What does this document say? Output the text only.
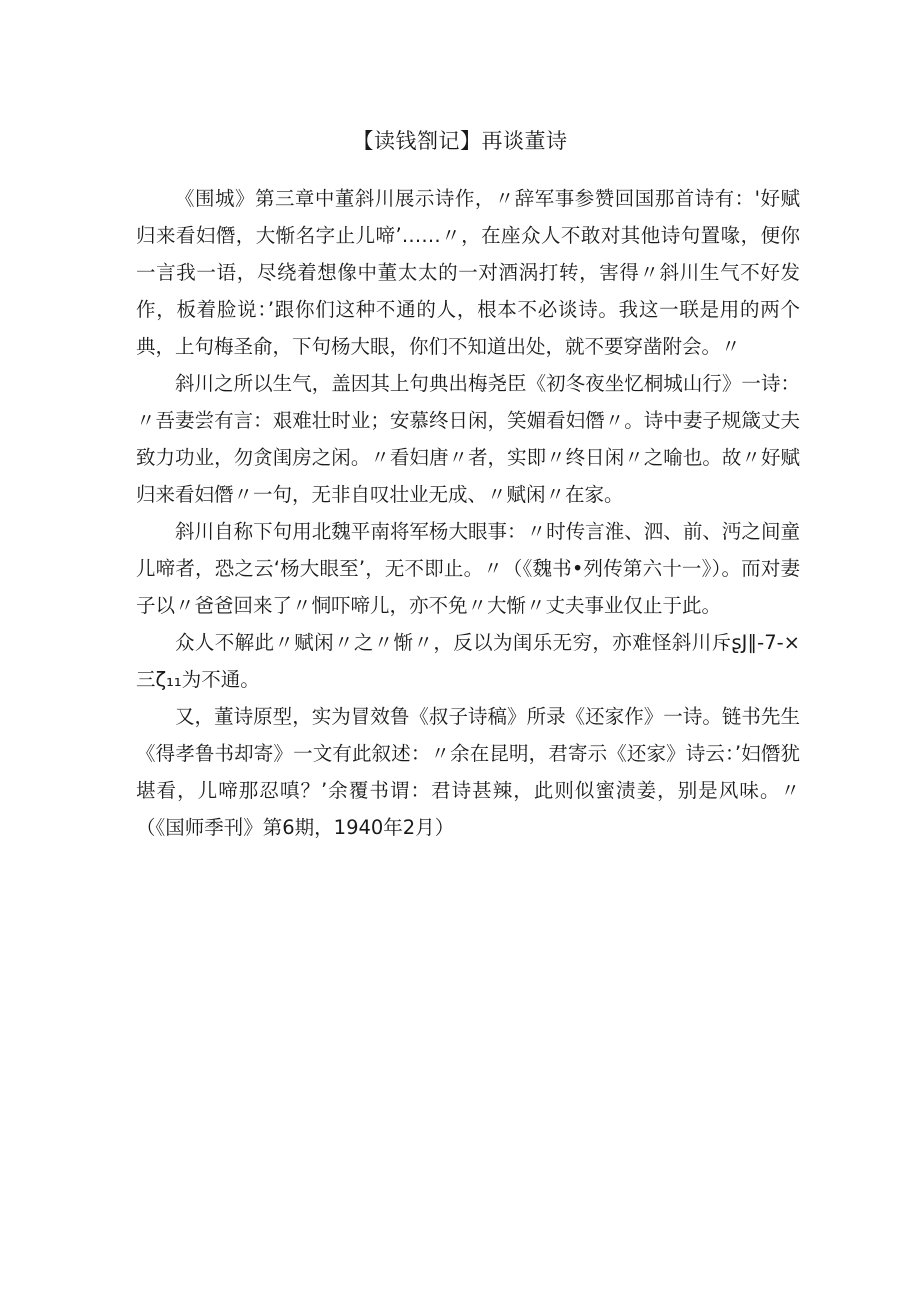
【读钱劄记】再谈董诗

《围城》第三章中董斜川展示诗作，〃辞军事参赞回国那首诗有：'好赋归来看妇僭，大惭名字止儿啼’……〃，在座众人不敢对其他诗句置喙，便你一言我一语，尽绕着想像中董太太的一对酒涡打转，害得〃斜川生气不好发作，板着脸说：’跟你们这种不通的人，根本不必谈诗。我这一联是用的两个典，上句梅圣俞，下句杨大眼，你们不知道出处，就不要穿凿附会。〃

斜川之所以生气，盖因其上句典出梅尧臣《初冬夜坐忆桐城山行》一诗：〃吾妻尝有言：艰难壮时业；安慕终日闲，笑媚看妇僭〃。诗中妻子规箴丈夫致力功业，勿贪闺房之闲。〃看妇唐〃者，实即〃终日闲〃之喻也。故〃好赋归来看妇僭〃一句，无非自叹壮业无成、〃赋闲〃在家。

斜川自称下句用北魏平南将军杨大眼事：〃时传言淮、泗、前、沔之间童儿啼者，恐之云‘杨大眼至’，无不即止。〃（《魏书•列传第六十一》）。而对妻子以〃爸爸回来了〃恫吓啼儿，亦不免〃大惭〃丈夫事业仅止于此。

众人不解此〃赋闲〃之〃惭〃，反以为闺乐无穷，亦难怪斜川斥ʂJ∥-7-×三ζ₁₁为不通。

又，董诗原型，实为冒效鲁《叔子诗稿》所录《还家作》一诗。链书先生《得孝鲁书却寄》一文有此叙述：〃余在昆明，君寄示《还家》诗云：’妇僭犹堪看，儿啼那忍嗔？’余覆书谓：君诗甚辣，此则似蜜渍姜，别是风味。〃（《国师季刊》第6期，1940年2月）
